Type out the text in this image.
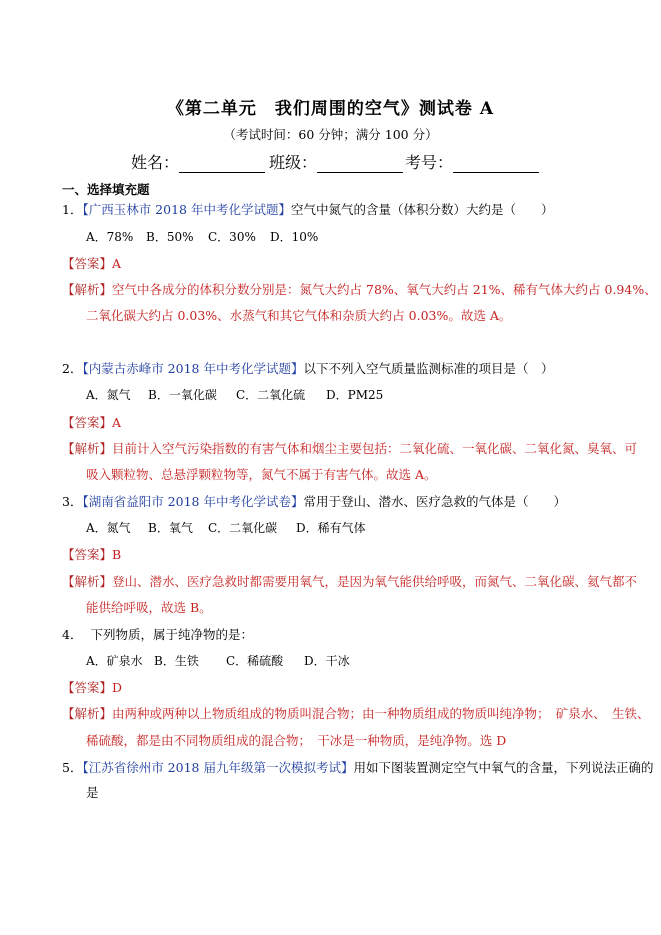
《第二单元　我们周围的空气》测试卷 A
（考试时间：60 分钟；满分 100 分）
姓名：	班级：	考号：
一、选择填充题
1．【广西玉林市 2018 年中考化学试题】空气中氮气的含量（体积分数）大约是（　　）
A．78% B．50% C．30% D．10%
【答案】A
【解析】空气中各成分的体积分数分别是：氮气大约占 78%、氧气大约占 21%、稀有气体大约占 0.94%、
二氧化碳大约占 0.03%、水蒸气和其它气体和杂质大约占 0.03%。故选 A。
2．【内蒙古赤峰市 2018 年中考化学试题】以下不列入空气质量监测标准的项目是（　）
A．氮气 B．一氧化碳 C．二氧化硫 D．PM25
【答案】A
【解析】目前计入空气污染指数的有害气体和烟尘主要包括：二氧化硫、一氧化碳、二氧化氮、臭氧、可
吸入颗粒物、总悬浮颗粒物等，氮气不属于有害气体。故选 A。
3．【湖南省益阳市 2018 年中考化学试卷】常用于登山、潜水、医疗急救的气体是（　　）
A．氮气 B．氧气 C．二氧化碳 D．稀有气体
【答案】B
【解析】登山、潜水、医疗急救时都需要用氧气，是因为氧气能供给呼吸，而氮气、二氧化碳、氦气都不
能供给呼吸，故选 B。
4． 下列物质，属于纯净物的是：
A．矿泉水 B．生铁 C．稀硫酸 D．干冰
【答案】D
【解析】由两种或两种以上物质组成的物质叫混合物；由一种物质组成的物质叫纯净物；　矿泉水、　生铁、
稀硫酸，都是由不同物质组成的混合物；　干冰是一种物质，是纯净物。选 D
5．【江苏省徐州市 2018 届九年级第一次模拟考试】用如下图装置测定空气中氧气的含量，下列说法正确的
是
